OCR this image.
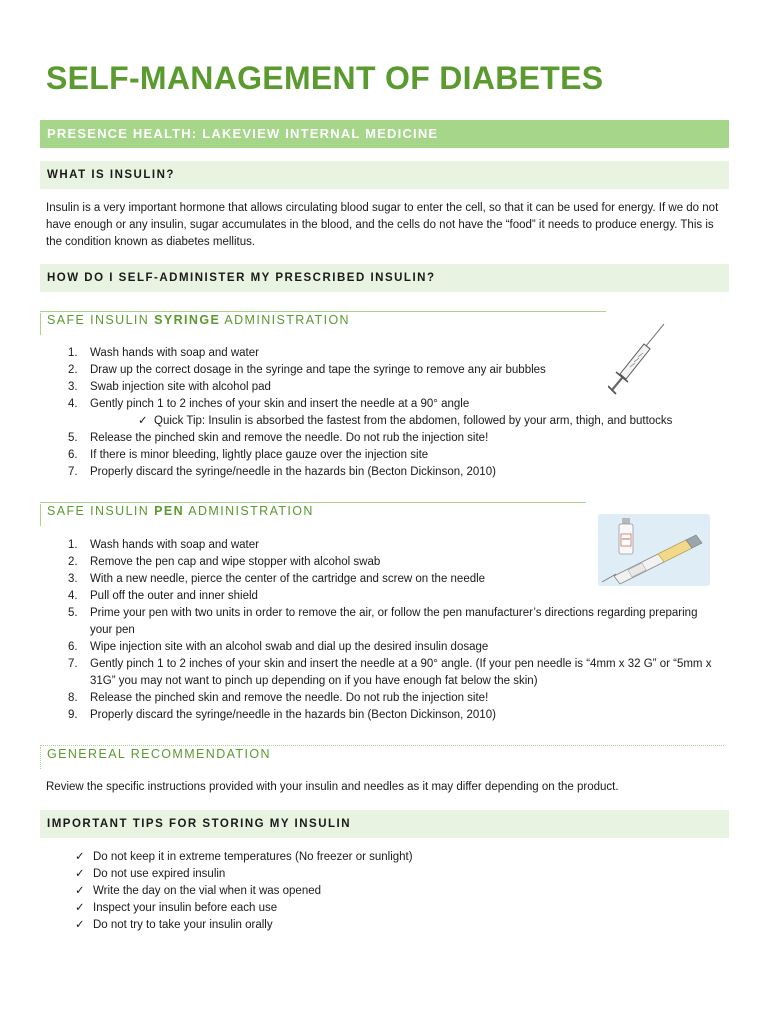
SELF-MANAGEMENT OF DIABETES
PRESENCE HEALTH: LAKEVIEW INTERNAL MEDICINE
WHAT IS INSULIN?

Insulin is a very important hormone that allows circulating blood sugar to enter the cell, so that it can be used for energy. If we do not have enough or any insulin, sugar accumulates in the blood, and the cells do not have the “food” it needs to produce energy. This is the condition known as diabetes mellitus.

HOW DO I SELF-ADMINISTER MY PRESCRIBED INSULIN?
SAFE INSULIN SYRINGE ADMINISTRATION
1. Wash hands with soap and water
2. Draw up the correct dosage in the syringe and tape the syringe to remove any air bubbles
3. Swab injection site with alcohol pad
4. Gently pinch 1 to 2 inches of your skin and insert the needle at a 90° angle
✓ Quick Tip: Insulin is absorbed the fastest from the abdomen, followed by your arm, thigh, and buttocks
5. Release the pinched skin and remove the needle. Do not rub the injection site!
6. If there is minor bleeding, lightly place gauze over the injection site
7. Properly discard the syringe/needle in the hazards bin (Becton Dickinson, 2010)
SAFE INSULIN PEN ADMINISTRATION
1. Wash hands with soap and water
2. Remove the pen cap and wipe stopper with alcohol swab
3. With a new needle, pierce the center of the cartridge and screw on the needle
4. Pull off the outer and inner shield
5. Prime your pen with two units in order to remove the air, or follow the pen manufacturer’s directions regarding preparing your pen
6. Wipe injection site with an alcohol swab and dial up the desired insulin dosage
7. Gently pinch 1 to 2 inches of your skin and insert the needle at a 90° angle. (If your pen needle is “4mm x 32 G” or “5mm x 31G” you may not want to pinch up depending on if you have enough fat below the skin)
8. Release the pinched skin and remove the needle. Do not rub the injection site!
9. Properly discard the syringe/needle in the hazards bin (Becton Dickinson, 2010)
GENEREAL RECOMMENDATION

Review the specific instructions provided with your insulin and needles as it may differ depending on the product.

IMPORTANT TIPS FOR STORING MY INSULIN
✓ Do not keep it in extreme temperatures (No freezer or sunlight)
✓ Do not use expired insulin
✓ Write the day on the vial when it was opened
✓ Inspect your insulin before each use
✓ Do not try to take your insulin orally
